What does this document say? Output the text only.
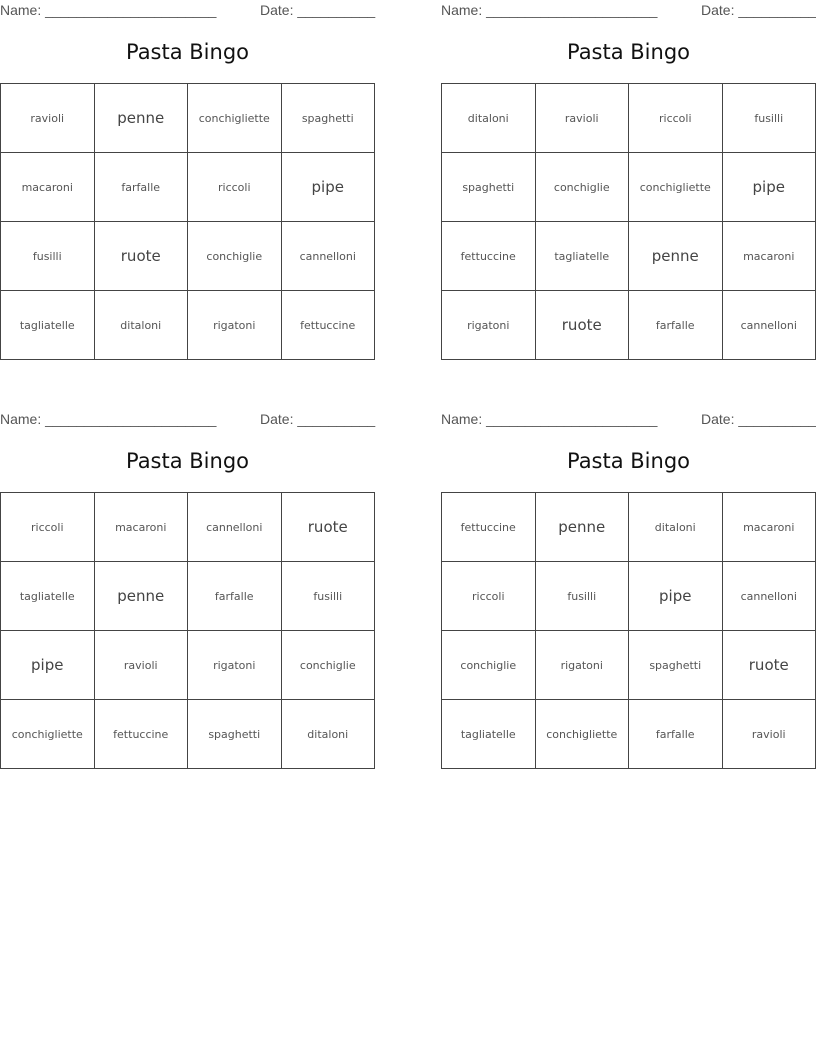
Name: ______________________	Date: __________
Pasta Bingo
ravioli	penne	conchigliette	spaghetti
macaroni	farfalle	riccoli	pipe
fusilli	ruote	conchiglie	cannelloni
tagliatelle	ditaloni	rigatoni	fettuccine
Name: ______________________	Date: __________
Pasta Bingo
ditaloni	ravioli	riccoli	fusilli
spaghetti	conchiglie	conchigliette	pipe
fettuccine	tagliatelle	penne	macaroni
rigatoni	ruote	farfalle	cannelloni
Name: ______________________	Date: __________
Pasta Bingo
riccoli	macaroni	cannelloni	ruote
tagliatelle	penne	farfalle	fusilli
pipe	ravioli	rigatoni	conchiglie
conchigliette	fettuccine	spaghetti	ditaloni
Name: ______________________	Date: __________
Pasta Bingo
fettuccine	penne	ditaloni	macaroni
riccoli	fusilli	pipe	cannelloni
conchiglie	rigatoni	spaghetti	ruote
tagliatelle	conchigliette	farfalle	ravioli
